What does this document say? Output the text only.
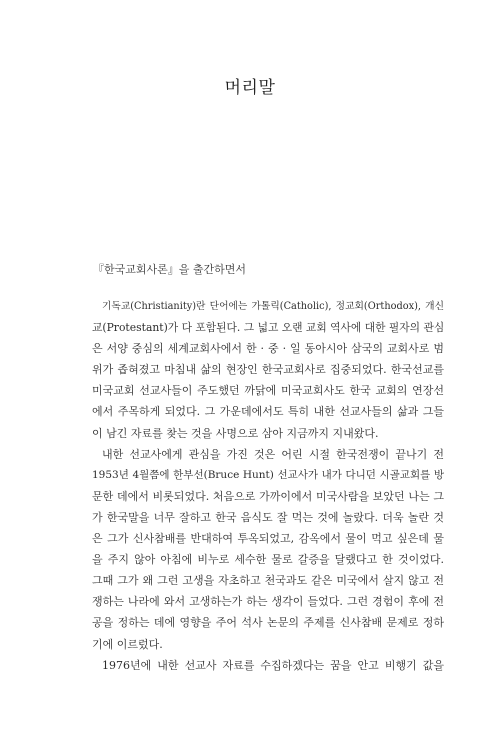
머리말
『한국교회사론』을 출간하면서
기독교(Christianity)란 단어에는 가톨릭(Catholic), 정교회(Orthodox), 개신
교(Protestant)가 다 포함된다. 그 넓고 오랜 교회 역사에 대한 필자의 관심
은 서양 중심의 세계교회사에서 한 · 중 · 일 동아시아 삼국의 교회사로 범
위가 좁혀졌고 마침내 삶의 현장인 한국교회사로 집중되었다. 한국선교를
미국교회 선교사들이 주도했던 까닭에 미국교회사도 한국 교회의 연장선
에서 주목하게 되었다. 그 가운데에서도 특히 내한 선교사들의 삶과 그들
이 남긴 자료를 찾는 것을 사명으로 삼아 지금까지 지내왔다.
내한 선교사에게 관심을 가진 것은 어린 시절 한국전쟁이 끝나기 전
1953년 4월쯤에 한부선(Bruce Hunt) 선교사가 내가 다니던 시골교회를 방
문한 데에서 비롯되었다. 처음으로 가까이에서 미국사람을 보았던 나는 그
가 한국말을 너무 잘하고 한국 음식도 잘 먹는 것에 놀랐다. 더욱 놀란 것
은 그가 신사참배를 반대하여 투옥되었고, 감옥에서 물이 먹고 싶은데 물
을 주지 않아 아침에 비누로 세수한 물로 갈증을 달랬다고 한 것이었다.
그때 그가 왜 그런 고생을 자초하고 천국과도 같은 미국에서 살지 않고 전
쟁하는 나라에 와서 고생하는가 하는 생각이 들었다. 그런 경험이 후에 전
공을 정하는 데에 영향을 주어 석사 논문의 주제를 신사참배 문제로 정하
기에 이르렀다.
1976년에 내한 선교사 자료를 수집하겠다는 꿈을 안고 비행기 값을
